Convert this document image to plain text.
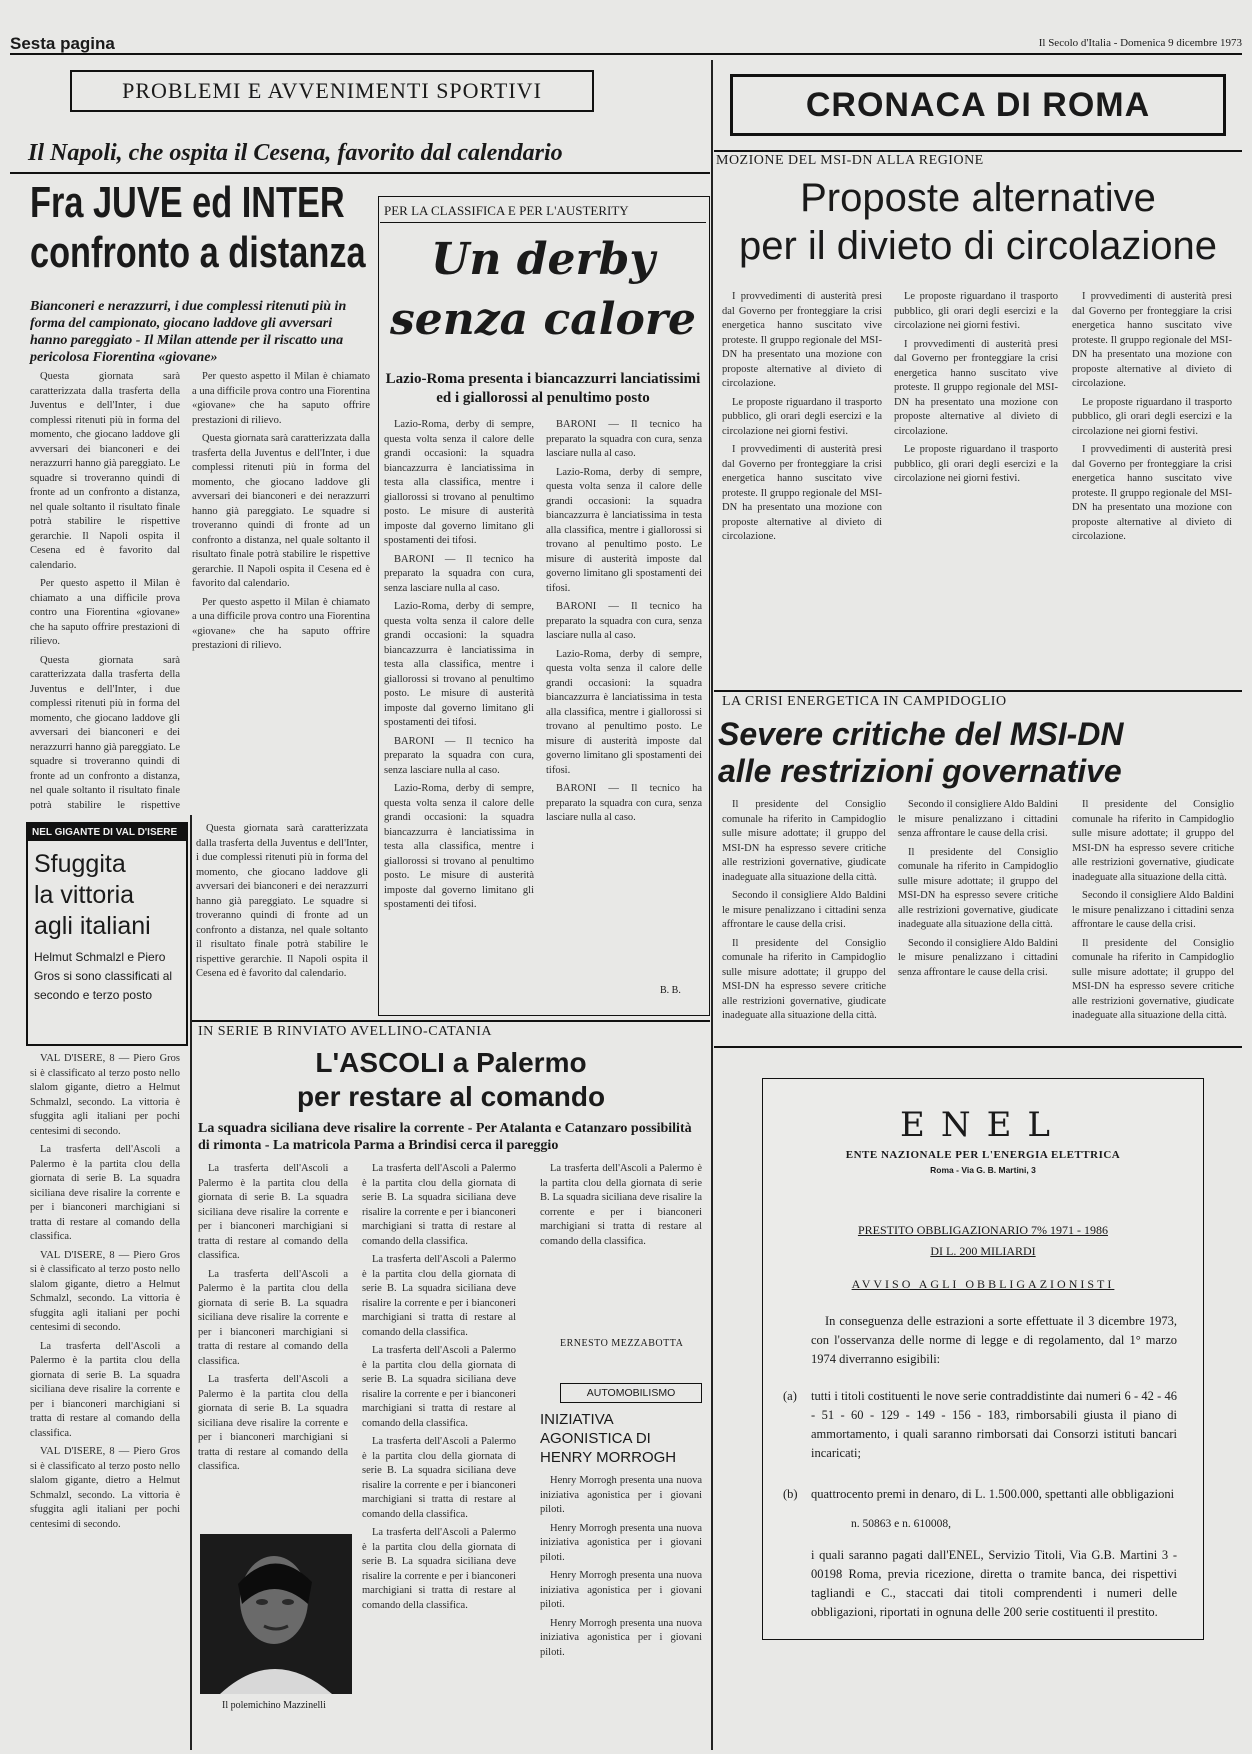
Sesta pagina	Il Secolo d'Italia - Domenica 9 dicembre 1973
PROBLEMI E AVVENIMENTI SPORTIVI
Il Napoli, che ospita il Cesena, favorito dal calendario
Fra JUVE ed INTER
confronto a distanza
Bianconeri e nerazzurri, i due complessi ritenuti più in forma del campionato, giocano laddove gli avversari hanno pareggiato - Il Milan attende per il riscatto una pericolosa Fiorentina «giovane»

Questa giornata sarà caratterizzata dalla trasferta della Juventus e dell'Inter, i due complessi ritenuti più in forma del momento, che giocano laddove gli avversari dei bianconeri e dei nerazzurri hanno già pareggiato. Le squadre si troveranno quindi di fronte ad un confronto a distanza, nel quale soltanto il risultato finale potrà stabilire le rispettive gerarchie. Il Napoli ospita il Cesena ed è favorito dal calendario.

Per questo aspetto il Milan è chiamato a una difficile prova contro una Fiorentina «giovane» che ha saputo offrire prestazioni di rilievo.

Questa giornata sarà caratterizzata dalla trasferta della Juventus e dell'Inter, i due complessi ritenuti più in forma del momento, che giocano laddove gli avversari dei bianconeri e dei nerazzurri hanno già pareggiato. Le squadre si troveranno quindi di fronte ad un confronto a distanza, nel quale soltanto il risultato finale potrà stabilire le rispettive

Per questo aspetto il Milan è chiamato a una difficile prova contro una Fiorentina «giovane» che ha saputo offrire prestazioni di rilievo.

Questa giornata sarà caratterizzata dalla trasferta della Juventus e dell'Inter, i due complessi ritenuti più in forma del momento, che giocano laddove gli avversari dei bianconeri e dei nerazzurri hanno già pareggiato. Le squadre si troveranno quindi di fronte ad un confronto a distanza, nel quale soltanto il risultato finale potrà stabilire le rispettive gerarchie. Il Napoli ospita il Cesena ed è favorito dal calendario.

Per questo aspetto il Milan è chiamato a una difficile prova contro una Fiorentina «giovane» che ha saputo offrire prestazioni di rilievo.

NEL GIGANTE DI VAL D'ISERE
Sfuggita
la vittoria
agli italiani
Helmut Schmalzl e Piero Gros si sono classificati al secondo e terzo posto

VAL D'ISERE, 8 — Piero Gros si è classificato al terzo posto nello slalom gigante, dietro a Helmut Schmalzl, secondo. La vittoria è sfuggita agli italiani per pochi centesimi di secondo.

La trasferta dell'Ascoli a Palermo è la partita clou della giornata di serie B. La squadra siciliana deve risalire la corrente e per i bianconeri marchigiani si tratta di restare al comando della classifica.

VAL D'ISERE, 8 — Piero Gros si è classificato al terzo posto nello slalom gigante, dietro a Helmut Schmalzl, secondo. La vittoria è sfuggita agli italiani per pochi centesimi di secondo.

La trasferta dell'Ascoli a Palermo è la partita clou della giornata di serie B. La squadra siciliana deve risalire la corrente e per i bianconeri marchigiani si tratta di restare al comando della classifica.

VAL D'ISERE, 8 — Piero Gros si è classificato al terzo posto nello slalom gigante, dietro a Helmut Schmalzl, secondo. La vittoria è sfuggita agli italiani per pochi centesimi di secondo.

Questa giornata sarà caratterizzata dalla trasferta della Juventus e dell'Inter, i due complessi ritenuti più in forma del momento, che giocano laddove gli avversari dei bianconeri e dei nerazzurri hanno già pareggiato. Le squadre si troveranno quindi di fronte ad un confronto a distanza, nel quale soltanto il risultato finale potrà stabilire le rispettive gerarchie. Il Napoli ospita il Cesena ed è favorito dal calendario.

PER LA CLASSIFICA E PER L'AUSTERITY
Un derby
senza calore
Lazio-Roma presenta i biancazzurri lanciatissimi ed i giallorossi al penultimo posto

Lazio-Roma, derby di sempre, questa volta senza il calore delle grandi occasioni: la squadra biancazzurra è lanciatissima in testa alla classifica, mentre i giallorossi si trovano al penultimo posto. Le misure di austerità imposte dal governo limitano gli spostamenti dei tifosi.

BARONI — Il tecnico ha preparato la squadra con cura, senza lasciare nulla al caso.

Lazio-Roma, derby di sempre, questa volta senza il calore delle grandi occasioni: la squadra biancazzurra è lanciatissima in testa alla classifica, mentre i giallorossi si trovano al penultimo posto. Le misure di austerità imposte dal governo limitano gli spostamenti dei tifosi.

BARONI — Il tecnico ha preparato la squadra con cura, senza lasciare nulla al caso.

Lazio-Roma, derby di sempre, questa volta senza il calore delle grandi occasioni: la squadra biancazzurra è lanciatissima in testa alla classifica, mentre i giallorossi si trovano al penultimo posto. Le misure di austerità imposte dal governo limitano gli spostamenti dei tifosi.

BARONI — Il tecnico ha preparato la squadra con cura, senza lasciare nulla al caso.

Lazio-Roma, derby di sempre, questa volta senza il calore delle grandi occasioni: la squadra biancazzurra è lanciatissima in testa alla classifica, mentre i giallorossi si trovano al penultimo posto. Le misure di austerità imposte dal governo limitano gli spostamenti dei tifosi.

BARONI — Il tecnico ha preparato la squadra con cura, senza lasciare nulla al caso.

Lazio-Roma, derby di sempre, questa volta senza il calore delle grandi occasioni: la squadra biancazzurra è lanciatissima in testa alla classifica, mentre i giallorossi si trovano al penultimo posto. Le misure di austerità imposte dal governo limitano gli spostamenti dei tifosi.

BARONI — Il tecnico ha preparato la squadra con cura, senza lasciare nulla al caso.

B. B.
IN SERIE B RINVIATO AVELLINO-CATANIA
L'ASCOLI a Palermo
per restare al comando
La squadra siciliana deve risalire la corrente - Per Atalanta e Catanzaro possibilità di rimonta - La matricola Parma a Brindisi cerca il pareggio

La trasferta dell'Ascoli a Palermo è la partita clou della giornata di serie B. La squadra siciliana deve risalire la corrente e per i bianconeri marchigiani si tratta di restare al comando della classifica.

La trasferta dell'Ascoli a Palermo è la partita clou della giornata di serie B. La squadra siciliana deve risalire la corrente e per i bianconeri marchigiani si tratta di restare al comando della classifica.

La trasferta dell'Ascoli a Palermo è la partita clou della giornata di serie B. La squadra siciliana deve risalire la corrente e per i bianconeri marchigiani si tratta di restare al comando della classifica.

La trasferta dell'Ascoli a Palermo è la partita clou della giornata di serie B. La squadra siciliana deve risalire la corrente e per i bianconeri marchigiani si tratta di restare al comando della classifica.

La trasferta dell'Ascoli a Palermo è la partita clou della giornata di serie B. La squadra siciliana deve risalire la corrente e per i bianconeri marchigiani si tratta di restare al comando della classifica.

La trasferta dell'Ascoli a Palermo è la partita clou della giornata di serie B. La squadra siciliana deve risalire la corrente e per i bianconeri marchigiani si tratta di restare al comando della classifica.

La trasferta dell'Ascoli a Palermo è la partita clou della giornata di serie B. La squadra siciliana deve risalire la corrente e per i bianconeri marchigiani si tratta di restare al comando della classifica.

La trasferta dell'Ascoli a Palermo è la partita clou della giornata di serie B. La squadra siciliana deve risalire la corrente e per i bianconeri marchigiani si tratta di restare al comando della classifica.

La trasferta dell'Ascoli a Palermo è la partita clou della giornata di serie B. La squadra siciliana deve risalire la corrente e per i bianconeri marchigiani si tratta di restare al comando della classifica.

ERNESTO MEZZABOTTA
Il polemichino Mazzinelli
AUTOMOBILISMO
INIZIATIVA AGONISTICA DI HENRY MORROGH

Henry Morrogh presenta una nuova iniziativa agonistica per i giovani piloti.

Henry Morrogh presenta una nuova iniziativa agonistica per i giovani piloti.

Henry Morrogh presenta una nuova iniziativa agonistica per i giovani piloti.

Henry Morrogh presenta una nuova iniziativa agonistica per i giovani piloti.

CRONACA DI ROMA
MOZIONE DEL MSI-DN ALLA REGIONE
Proposte alternative
per il divieto di circolazione

I provvedimenti di austerità presi dal Governo per fronteggiare la crisi energetica hanno suscitato vive proteste. Il gruppo regionale del MSI-DN ha presentato una mozione con proposte alternative al divieto di circolazione.

Le proposte riguardano il trasporto pubblico, gli orari degli esercizi e la circolazione nei giorni festivi.

I provvedimenti di austerità presi dal Governo per fronteggiare la crisi energetica hanno suscitato vive proteste. Il gruppo regionale del MSI-DN ha presentato una mozione con proposte alternative al divieto di circolazione.

Le proposte riguardano il trasporto pubblico, gli orari degli esercizi e la circolazione nei giorni festivi.

I provvedimenti di austerità presi dal Governo per fronteggiare la crisi energetica hanno suscitato vive proteste. Il gruppo regionale del MSI-DN ha presentato una mozione con proposte alternative al divieto di circolazione.

Le proposte riguardano il trasporto pubblico, gli orari degli esercizi e la circolazione nei giorni festivi.

I provvedimenti di austerità presi dal Governo per fronteggiare la crisi energetica hanno suscitato vive proteste. Il gruppo regionale del MSI-DN ha presentato una mozione con proposte alternative al divieto di circolazione.

Le proposte riguardano il trasporto pubblico, gli orari degli esercizi e la circolazione nei giorni festivi.

I provvedimenti di austerità presi dal Governo per fronteggiare la crisi energetica hanno suscitato vive proteste. Il gruppo regionale del MSI-DN ha presentato una mozione con proposte alternative al divieto di circolazione.

LA CRISI ENERGETICA IN CAMPIDOGLIO
Severe critiche del MSI-DN
alle restrizioni governative

Il presidente del Consiglio comunale ha riferito in Campidoglio sulle misure adottate; il gruppo del MSI-DN ha espresso severe critiche alle restrizioni governative, giudicate inadeguate alla situazione della città.

Secondo il consigliere Aldo Baldini le misure penalizzano i cittadini senza affrontare le cause della crisi.

Il presidente del Consiglio comunale ha riferito in Campidoglio sulle misure adottate; il gruppo del MSI-DN ha espresso severe critiche alle restrizioni governative, giudicate inadeguate alla situazione della città.

Secondo il consigliere Aldo Baldini le misure penalizzano i cittadini senza affrontare le cause della crisi.

Il presidente del Consiglio comunale ha riferito in Campidoglio sulle misure adottate; il gruppo del MSI-DN ha espresso severe critiche alle restrizioni governative, giudicate inadeguate alla situazione della città.

Secondo il consigliere Aldo Baldini le misure penalizzano i cittadini senza affrontare le cause della crisi.

Il presidente del Consiglio comunale ha riferito in Campidoglio sulle misure adottate; il gruppo del MSI-DN ha espresso severe critiche alle restrizioni governative, giudicate inadeguate alla situazione della città.

Secondo il consigliere Aldo Baldini le misure penalizzano i cittadini senza affrontare le cause della crisi.

Il presidente del Consiglio comunale ha riferito in Campidoglio sulle misure adottate; il gruppo del MSI-DN ha espresso severe critiche alle restrizioni governative, giudicate inadeguate alla situazione della città.

ENEL
ENTE NAZIONALE PER L'ENERGIA ELETTRICA
Roma - Via G. B. Martini, 3
PRESTITO OBBLIGAZIONARIO 7% 1971 - 1986
DI L. 200 MILIARDI
AVVISO AGLI OBBLIGAZIONISTI
In conseguenza delle estrazioni a sorte effettuate il 3 dicembre 1973, con l'osservanza delle norme di legge e di regolamento, dal 1° marzo 1974 diverranno esigibili:
(a)	tutti i titoli costituenti le nove serie contraddistinte dai numeri 6 - 42 - 46 - 51 - 60 - 129 - 149 - 156 - 183, rimborsabili giusta il piano di ammortamento, i quali saranno rimborsati dai Consorzi istituti bancari incaricati;
(b)	quattrocento premi in denaro, di L. 1.500.000, spettanti alle obbligazioni
n. 50863 e n. 610008,
i quali saranno pagati dall'ENEL, Servizio Titoli, Via G.B. Martini 3 - 00198 Roma, previa ricezione, diretta o tramite banca, dei rispettivi tagliandi e C., staccati dai titoli comprendenti i numeri delle obbligazioni, riportati in ognuna delle 200 serie costituenti il prestito.
